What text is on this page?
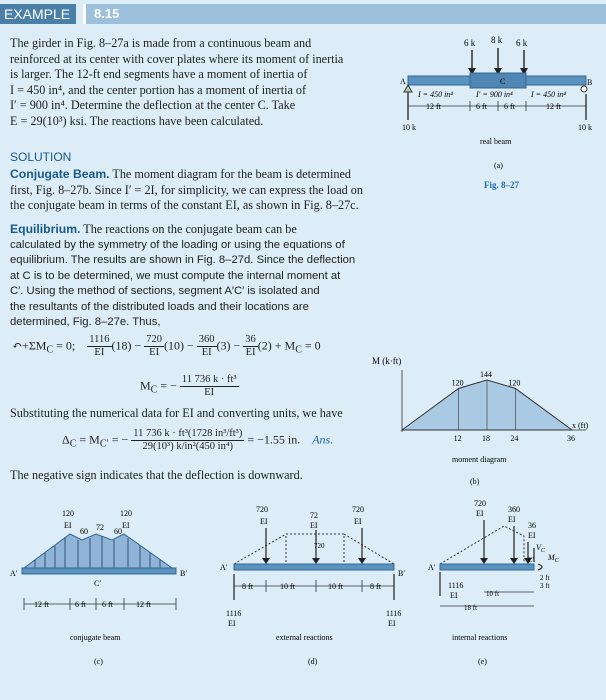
EXAMPLE	8.15
The girder in Fig. 8–27a is made from a continuous beam and
reinforced at its center with cover plates where its moment of inertia
is larger. The 12-ft end segments have a moment of inertia of
I = 450 in⁴, and the center portion has a moment of inertia of
I′ = 900 in⁴. Determine the deflection at the center C. Take
E = 29(10³) ksi. The reactions have been calculated.
SOLUTION
Conjugate Beam. The moment diagram for the beam is determined
first, Fig. 8–27b. Since I′ = 2I, for simplicity, we can express the load on
the conjugate beam in terms of the constant EI, as shown in Fig. 8–27c.
Equilibrium. The reactions on the conjugate beam can be
calculated by the symmetry of the loading or using the equations of
equilibrium. The results are shown in Fig. 8–27d. Since the deflection
at C is to be determined, we must compute the internal moment at
C′. Using the method of sections, segment A′C′ is isolated and
the resultants of the distributed loads and their locations are
determined, Fig. 8–27e. Thus,
$↶+\Sigma M_C = 0$; $\frac{1116}{EI} (18) - \frac{720}{EI} (10) - \frac{360}{EI} (3) - \frac{36}{EI} (2) + M_C = 0$
$M_C$ = − $\frac{\text{11 736 k · ft³}}{EI}$
Substituting the numerical data for EI and converting units, we have
$\Delta_C = M_{C'}$ = − $\frac{\text{11 736 k · ft³(1728 in³/ft³)}}{\text{29(10³) k/in²(450 in⁴)}} = -1.55$ in. Ans.
The negative sign indicates that the deflection is downward.
6 k 8 k 6 k
A	B
C
I = 450 in⁴	I′ = 900 in⁴ I = 450 in⁴
12 ft	6 ft 6 ft	12 ft
10 k	10 k
real beam
(a)
Fig. 8–27
M (k·ft)
x (ft)
120
12
144
18
120
24	36
moment diagram
(b)
120	120
EI	EI
60 72 60
A′	B′
C′
12 ft	6 ft 6 ft	12 ft
conjugate beam
(c)
720
EI
72
EI
720
EI
720
A′
B′
8 ft	10 ft	10 ft	8 ft
1116
EI
1116
EI
external reactions
(d)
720
EI	360
EI
36
EI
A′
C′
$V_C$
$M_C$
2 ft
3 ft
1116
EI	10 ft
18 ft
internal reactions
(e)
